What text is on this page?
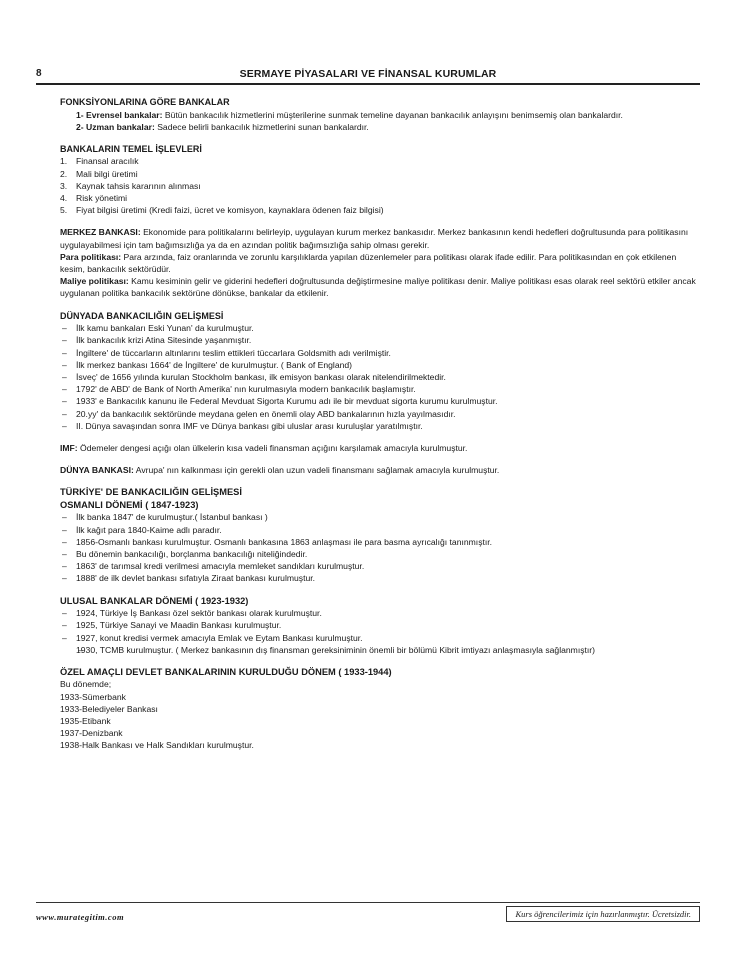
8	SERMAYE PİYASALARI VE FİNANSAL KURUMLAR
FONKSİYONLARINA GÖRE BANKALAR

1- Evrensel bankalar: Bütün bankacılık hizmetlerini müşterilerine sunmak temeline dayanan bankacılık anlayışını benimsemiş olan bankalardır.

2- Uzman bankalar: Sadece belirli bankacılık hizmetlerini sunan bankalardır.

BANKALARIN TEMEL İŞLEVLERİ
1.	Finansal aracılık
2.	Mali bilgi üretimi
3.	Kaynak tahsis kararının alınması
4.	Risk yönetimi
5.	Fiyat bilgisi üretimi (Kredi faizi, ücret ve komisyon, kaynaklara ödenen faiz bilgisi)

MERKEZ BANKASI: Ekonomide para politikalarını belirleyip, uygulayan kurum merkez bankasıdır. Merkez bankasının kendi hedefleri doğrultusunda para politikasını uygulayabilmesi için tam bağımsızlığa ya da en azından politik bağımsızlığa sahip olması gerekir.

Para politikası: Para arzında, faiz oranlarında ve zorunlu karşılıklarda yapılan düzenlemeler para politikası olarak ifade edilir. Para politikasından en çok etkilenen kesim, bankacılık sektörüdür.

Maliye politikası: Kamu kesiminin gelir ve giderini hedefleri doğrultusunda değiştirmesine maliye politikası denir. Maliye politikası esas olarak reel sektörü etkiler ancak uygulanan politika bankacılık sektörüne dönükse, bankalar da etkilenir.

DÜNYADA BANKACILIĞIN GELİŞMESİ
– İlk kamu bankaları Eski Yunan' da kurulmuştur.
– İlk bankacılık krizi Atina Sitesinde yaşanmıştır.
– İngiltere' de tüccarların altınlarını teslim ettikleri tüccarlara Goldsmith adı verilmiştir.
– İlk merkez bankası 1664' de İngiltere' de kurulmuştur. ( Bank of England)
– İsveç' de 1656 yılında kurulan Stockholm bankası, ilk emisyon bankası olarak nitelendirilmektedir.
– 1792' de ABD' de Bank of North Amerika' nın kurulmasıyla modern bankacılık başlamıştır.
– 1933' e Bankacılık kanunu ile Federal Mevduat Sigorta Kurumu adı ile bir mevduat sigorta kurumu kurulmuştur.
– 20.yy' da bankacılık sektöründe meydana gelen en önemli olay ABD bankalarının hızla yayılmasıdır.
– II. Dünya savaşından sonra IMF ve Dünya bankası gibi uluslar arası kuruluşlar yaratılmıştır.

IMF: Ödemeler dengesi açığı olan ülkelerin kısa vadeli finansman açığını karşılamak amacıyla kurulmuştur.

DÜNYA BANKASI: Avrupa' nın kalkınması için gerekli olan uzun vadeli finansmanı sağlamak amacıyla kurulmuştur.

TÜRKİYE' DE BANKACILIĞIN GELİŞMESİ
OSMANLI DÖNEMİ ( 1847-1923)
– İlk banka 1847' de kurulmuştur.( İstanbul bankası )
– İlk kağıt para 1840-Kaime adlı paradır.
– 1856-Osmanlı bankası kurulmuştur. Osmanlı bankasına 1863 anlaşması ile para basma ayrıcalığı tanınmıştır.
– Bu dönemin bankacılığı, borçlanma bankacılığı niteliğindedir.
– 1863' de tarımsal kredi verilmesi amacıyla memleket sandıkları kurulmuştur.
– 1888' de ilk devlet bankası sıfatıyla Ziraat bankası kurulmuştur.
ULUSAL BANKALAR DÖNEMİ ( 1923-1932)
– 1924, Türkiye İş Bankası özel sektör bankası olarak kurulmuştur.
– 1925, Türkiye Sanayi ve Maadin Bankası kurulmuştur.
– 1927, konut kredisi vermek amacıyla Emlak ve Eytam Bankası kurulmuştur.
– 1930, TCMB kurulmuştur. ( Merkez bankasının dış finansman gereksiniminin önemli bir bölümü Kibrit imtiyazı anlaşmasıyla sağlanmıştır)
ÖZEL AMAÇLI DEVLET BANKALARININ KURULDUĞU DÖNEM ( 1933-1944)

Bu dönemde;

1933-Sümerbank

1933-Belediyeler Bankası

1935-Etibank

1937-Denizbank

1938-Halk Bankası ve Halk Sandıkları kurulmuştur.

www.murategitim.com	Kurs öğrencilerimiz için hazırlanmıştır. Ücretsizdir.
